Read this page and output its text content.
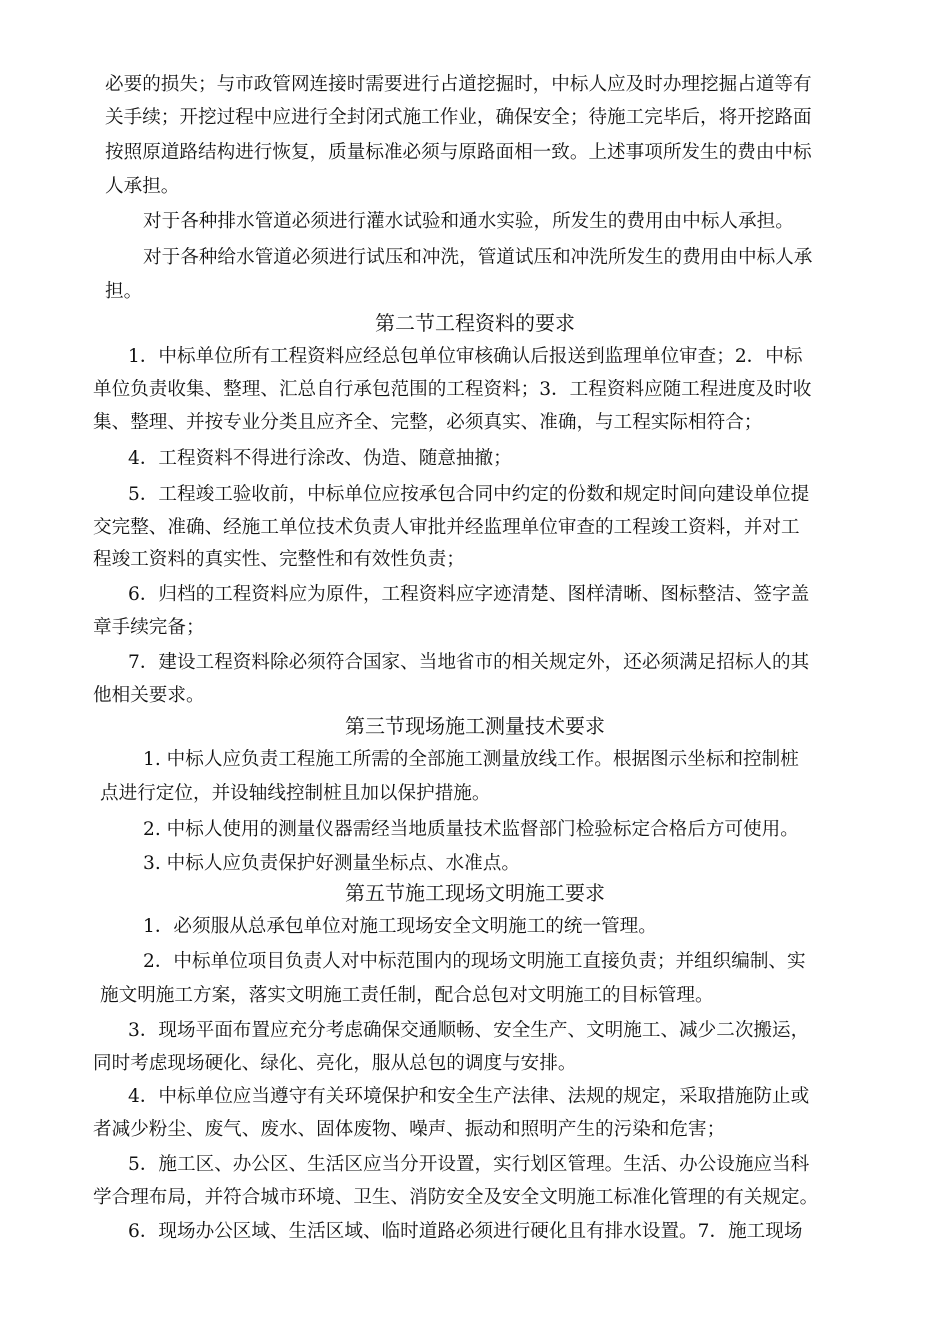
必要的损失；与市政管网连接时需要进行占道挖掘时，中标人应及时办理挖掘占道等有
关手续；开挖过程中应进行全封闭式施工作业，确保安全；待施工完毕后，将开挖路面
按照原道路结构进行恢复，质量标准必须与原路面相一致。上述事项所发生的费由中标
人承担。
对于各种排水管道必须进行灌水试验和通水实验，所发生的费用由中标人承担。
对于各种给水管道必须进行试压和冲洗，管道试压和冲洗所发生的费用由中标人承
担。
第二节工程资料的要求
1．中标单位所有工程资料应经总包单位审核确认后报送到监理单位审查；2．中标
单位负责收集、整理、汇总自行承包范围的工程资料；3．工程资料应随工程进度及时收
集、整理、并按专业分类且应齐全、完整，必须真实、准确，与工程实际相符合；
4．工程资料不得进行涂改、伪造、随意抽撤；
5．工程竣工验收前，中标单位应按承包合同中约定的份数和规定时间向建设单位提
交完整、准确、经施工单位技术负责人审批并经监理单位审查的工程竣工资料，并对工
程竣工资料的真实性、完整性和有效性负责；
6．归档的工程资料应为原件，工程资料应字迹清楚、图样清晰、图标整洁、签字盖
章手续完备；
7．建设工程资料除必须符合国家、当地省市的相关规定外，还必须满足招标人的其
他相关要求。
第三节现场施工测量技术要求
1. 中标人应负责工程施工所需的全部施工测量放线工作。根据图示坐标和控制桩
点进行定位，并设轴线控制桩且加以保护措施。
2. 中标人使用的测量仪器需经当地质量技术监督部门检验标定合格后方可使用。
3. 中标人应负责保护好测量坐标点、水准点。
第五节施工现场文明施工要求
1．必须服从总承包单位对施工现场安全文明施工的统一管理。
2．中标单位项目负责人对中标范围内的现场文明施工直接负责；并组织编制、实
施文明施工方案，落实文明施工责任制，配合总包对文明施工的目标管理。
3．现场平面布置应充分考虑确保交通顺畅、安全生产、文明施工、减少二次搬运，
同时考虑现场硬化、绿化、亮化，服从总包的调度与安排。
4．中标单位应当遵守有关环境保护和安全生产法律、法规的规定，采取措施防止或
者减少粉尘、废气、废水、固体废物、噪声、振动和照明产生的污染和危害；
5．施工区、办公区、生活区应当分开设置，实行划区管理。生活、办公设施应当科
学合理布局，并符合城市环境、卫生、消防安全及安全文明施工标准化管理的有关规定。
6．现场办公区域、生活区域、临时道路必须进行硬化且有排水设置。7．施工现场
